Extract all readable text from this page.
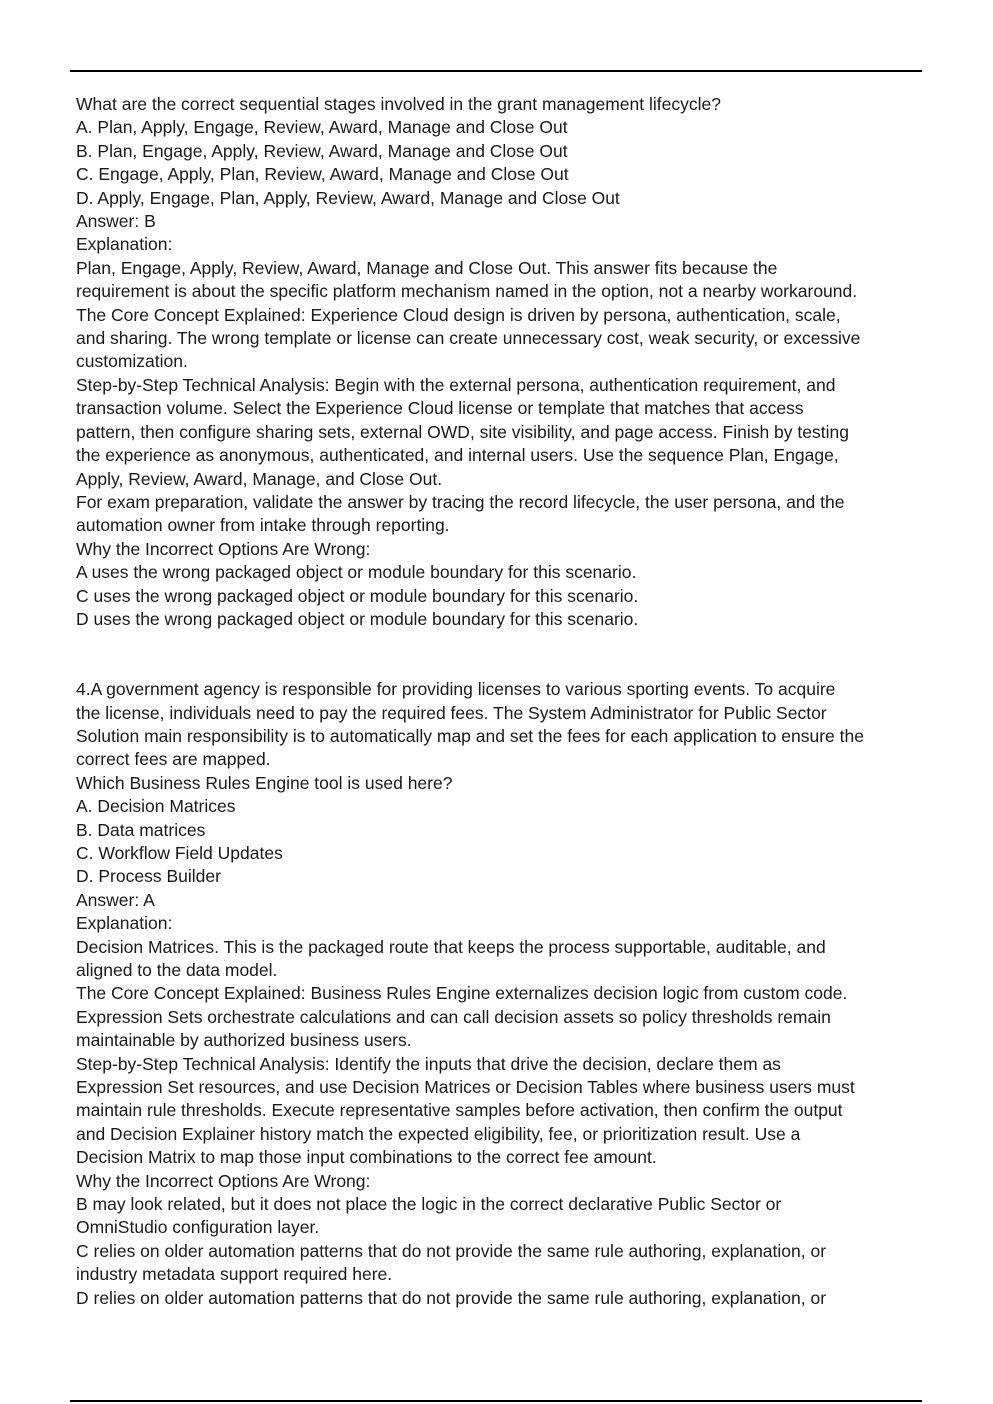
What are the correct sequential stages involved in the grant management lifecycle?

A. Plan, Apply, Engage, Review, Award, Manage and Close Out

B. Plan, Engage, Apply, Review, Award, Manage and Close Out

C. Engage, Apply, Plan, Review, Award, Manage and Close Out

D. Apply, Engage, Plan, Apply, Review, Award, Manage and Close Out

Answer: B

Explanation:

Plan, Engage, Apply, Review, Award, Manage and Close Out. This answer fits because the

requirement is about the specific platform mechanism named in the option, not a nearby workaround.

The Core Concept Explained: Experience Cloud design is driven by persona, authentication, scale,

and sharing. The wrong template or license can create unnecessary cost, weak security, or excessive

customization.

Step-by-Step Technical Analysis: Begin with the external persona, authentication requirement, and

transaction volume. Select the Experience Cloud license or template that matches that access

pattern, then configure sharing sets, external OWD, site visibility, and page access. Finish by testing

the experience as anonymous, authenticated, and internal users. Use the sequence Plan, Engage,

Apply, Review, Award, Manage, and Close Out.

For exam preparation, validate the answer by tracing the record lifecycle, the user persona, and the

automation owner from intake through reporting.

Why the Incorrect Options Are Wrong:

A uses the wrong packaged object or module boundary for this scenario.

C uses the wrong packaged object or module boundary for this scenario.

D uses the wrong packaged object or module boundary for this scenario.

4.A government agency is responsible for providing licenses to various sporting events. To acquire

the license, individuals need to pay the required fees. The System Administrator for Public Sector

Solution main responsibility is to automatically map and set the fees for each application to ensure the

correct fees are mapped.

Which Business Rules Engine tool is used here?

A. Decision Matrices

B. Data matrices

C. Workflow Field Updates

D. Process Builder

Answer: A

Explanation:

Decision Matrices. This is the packaged route that keeps the process supportable, auditable, and

aligned to the data model.

The Core Concept Explained: Business Rules Engine externalizes decision logic from custom code.

Expression Sets orchestrate calculations and can call decision assets so policy thresholds remain

maintainable by authorized business users.

Step-by-Step Technical Analysis: Identify the inputs that drive the decision, declare them as

Expression Set resources, and use Decision Matrices or Decision Tables where business users must

maintain rule thresholds. Execute representative samples before activation, then confirm the output

and Decision Explainer history match the expected eligibility, fee, or prioritization result. Use a

Decision Matrix to map those input combinations to the correct fee amount.

Why the Incorrect Options Are Wrong:

B may look related, but it does not place the logic in the correct declarative Public Sector or

OmniStudio configuration layer.

C relies on older automation patterns that do not provide the same rule authoring, explanation, or

industry metadata support required here.

D relies on older automation patterns that do not provide the same rule authoring, explanation, or
